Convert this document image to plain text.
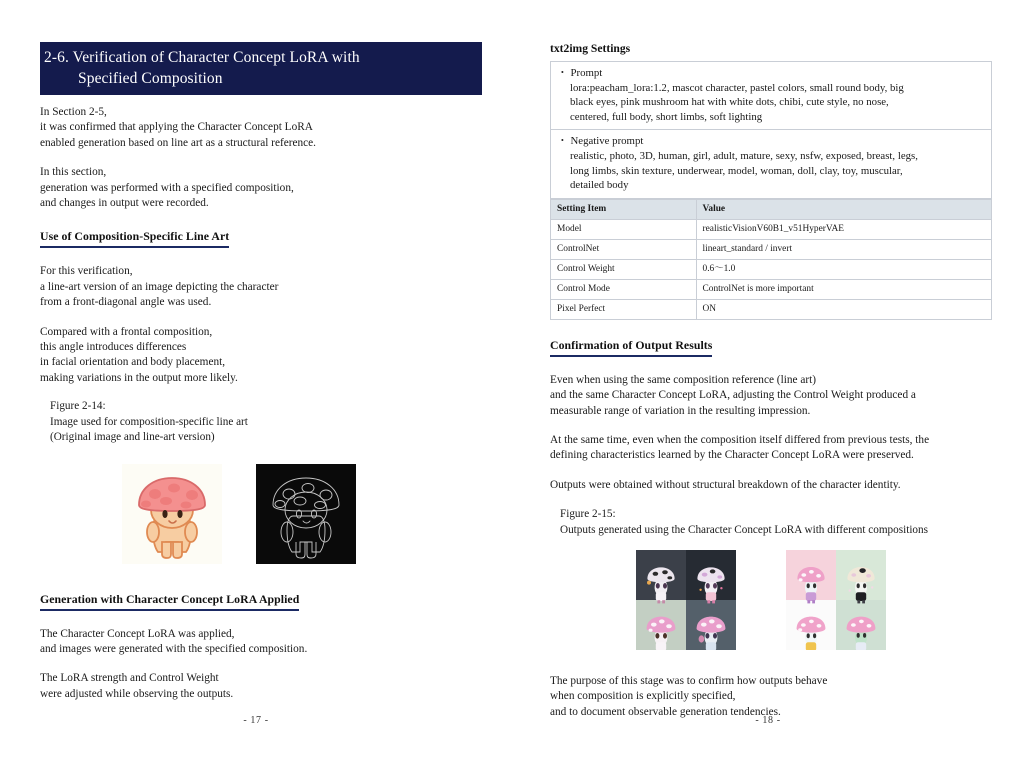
2-6. Verification of Character Concept LoRA with
Specified Composition

In Section 2-5,
it was confirmed that applying the Character Concept LoRA
enabled generation based on line art as a structural reference.

In this section,
generation was performed with a specified composition,
and changes in output were recorded.

Use of Composition-Specific Line Art

For this verification,
a line-art version of an image depicting the character
from a front-diagonal angle was used.

Compared with a frontal composition,
this angle introduces differences
in facial orientation and body placement,
making variations in the output more likely.

Figure 2-14:
Image used for composition-specific line art
(Original image and line-art version)

Generation with Character Concept LoRA Applied

The Character Concept LoRA was applied,
and images were generated with the specified composition.

The LoRA strength and Control Weight
were adjusted while observing the outputs.

- 17 -
txt2img Settings
・ Prompt
lora:peacham_lora:1.2, mascot character, pastel colors, small round body, big
black eyes, pink mushroom hat with white dots, chibi, cute style, no nose,
centered, full body, short limbs, soft lighting
・ Negative prompt
realistic, photo, 3D, human, girl, adult, mature, sexy, nsfw, exposed, breast, legs,
long limbs, skin texture, underwear, model, woman, doll, clay, toy, muscular,
detailed body
Setting Item	Value
Model	realisticVisionV60B1_v51HyperVAE
ControlNet	lineart_standard / invert
Control Weight	0.6〜1.0
Control Mode	ControlNet is more important
Pixel Perfect	ON
Confirmation of Output Results

Even when using the same composition reference (line art)
and the same Character Concept LoRA, adjusting the Control Weight produced a
measurable range of variation in the resulting impression.

At the same time, even when the composition itself differed from previous tests, the
defining characteristics learned by the Character Concept LoRA were preserved.

Outputs were obtained without structural breakdown of the character identity.

Figure 2-15:
Outputs generated using the Character Concept LoRA with different compositions

The purpose of this stage was to confirm how outputs behave
when composition is explicitly specified,
and to document observable generation tendencies.

- 18 -
